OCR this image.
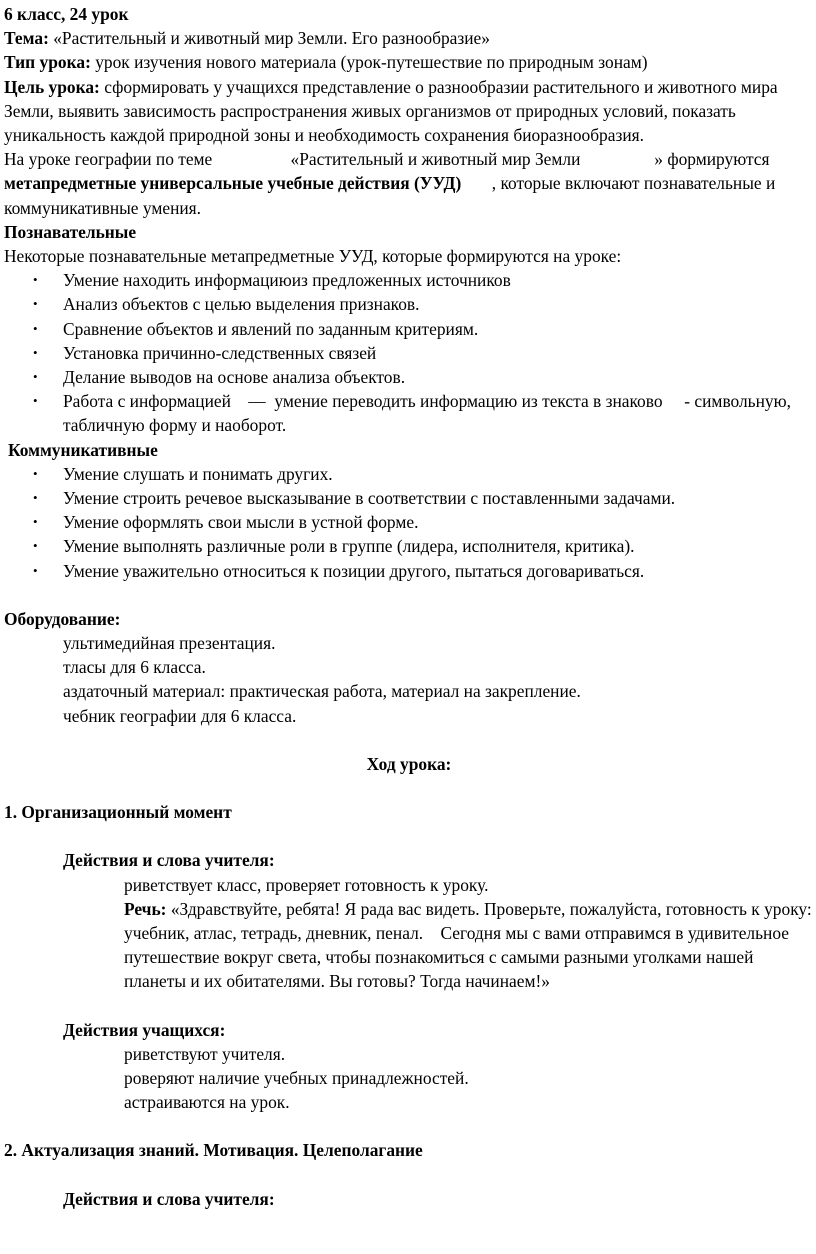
6 класс, 24 урок

Тема: «Растительный и животный мир Земли. Его разнообразие»

Тип урока: урок изучения нового материала (урок-путешествие по природным зонам)

Цель урока: сформировать у учащихся представление о разнообразии растительного и животного мира Земли, выявить зависимость распространения живых организмов от природных условий, показать уникальность каждой природной зоны и необходимость сохранения биоразнообразия.

На уроке географии по теме                  «Растительный и животный мир Земли                 » формируются метапредметные универсальные учебные действия (УУД)       , которые включают познавательные и коммуникативные умения.

Познавательные

Некоторые познавательные метапредметные УУД, которые формируются на уроке:

• Умение находить информациюиз предложенных источников
• Анализ объектов с целью выделения признаков.
• Сравнение объектов и явлений по заданным критериям.
• Установка причинно-следственных связей
• Делание выводов на основе анализа объектов.
• Работа с информацией    —  умение переводить информацию из текста в знаково     - символьную, табличную форму и наоборот.

Коммуникативные

• Умение слушать и понимать других.
• Умение строить речевое высказывание в соответствии с поставленными задачами.
• Умение оформлять свои мысли в устной форме.
• Умение выполнять различные роли в группе (лидера, исполнителя, критика).
• Умение уважительно относиться к позиции другого, пытаться договариваться.

Оборудование:

ультимедийная презентация.

тласы для 6 класса.

аздаточный материал: практическая работа, материал на закрепление.

чебник географии для 6 класса.

Ход урока:

1. Организационный момент

Действия и слова учителя:

риветствует класс, проверяет готовность к уроку.

Речь: «Здравствуйте, ребята! Я рада вас видеть. Проверьте, пожалуйста, готовность к уроку: учебник, атлас, тетрадь, дневник, пенал.    Сегодня мы с вами отправимся в удивительное путешествие вокруг света, чтобы познакомиться с самыми разными уголками нашей планеты и их обитателями. Вы готовы? Тогда начинаем!»

Действия учащихся:

риветствуют учителя.

роверяют наличие учебных принадлежностей.

астраиваются на урок.

2. Актуализация знаний. Мотивация. Целеполагание

Действия и слова учителя:
